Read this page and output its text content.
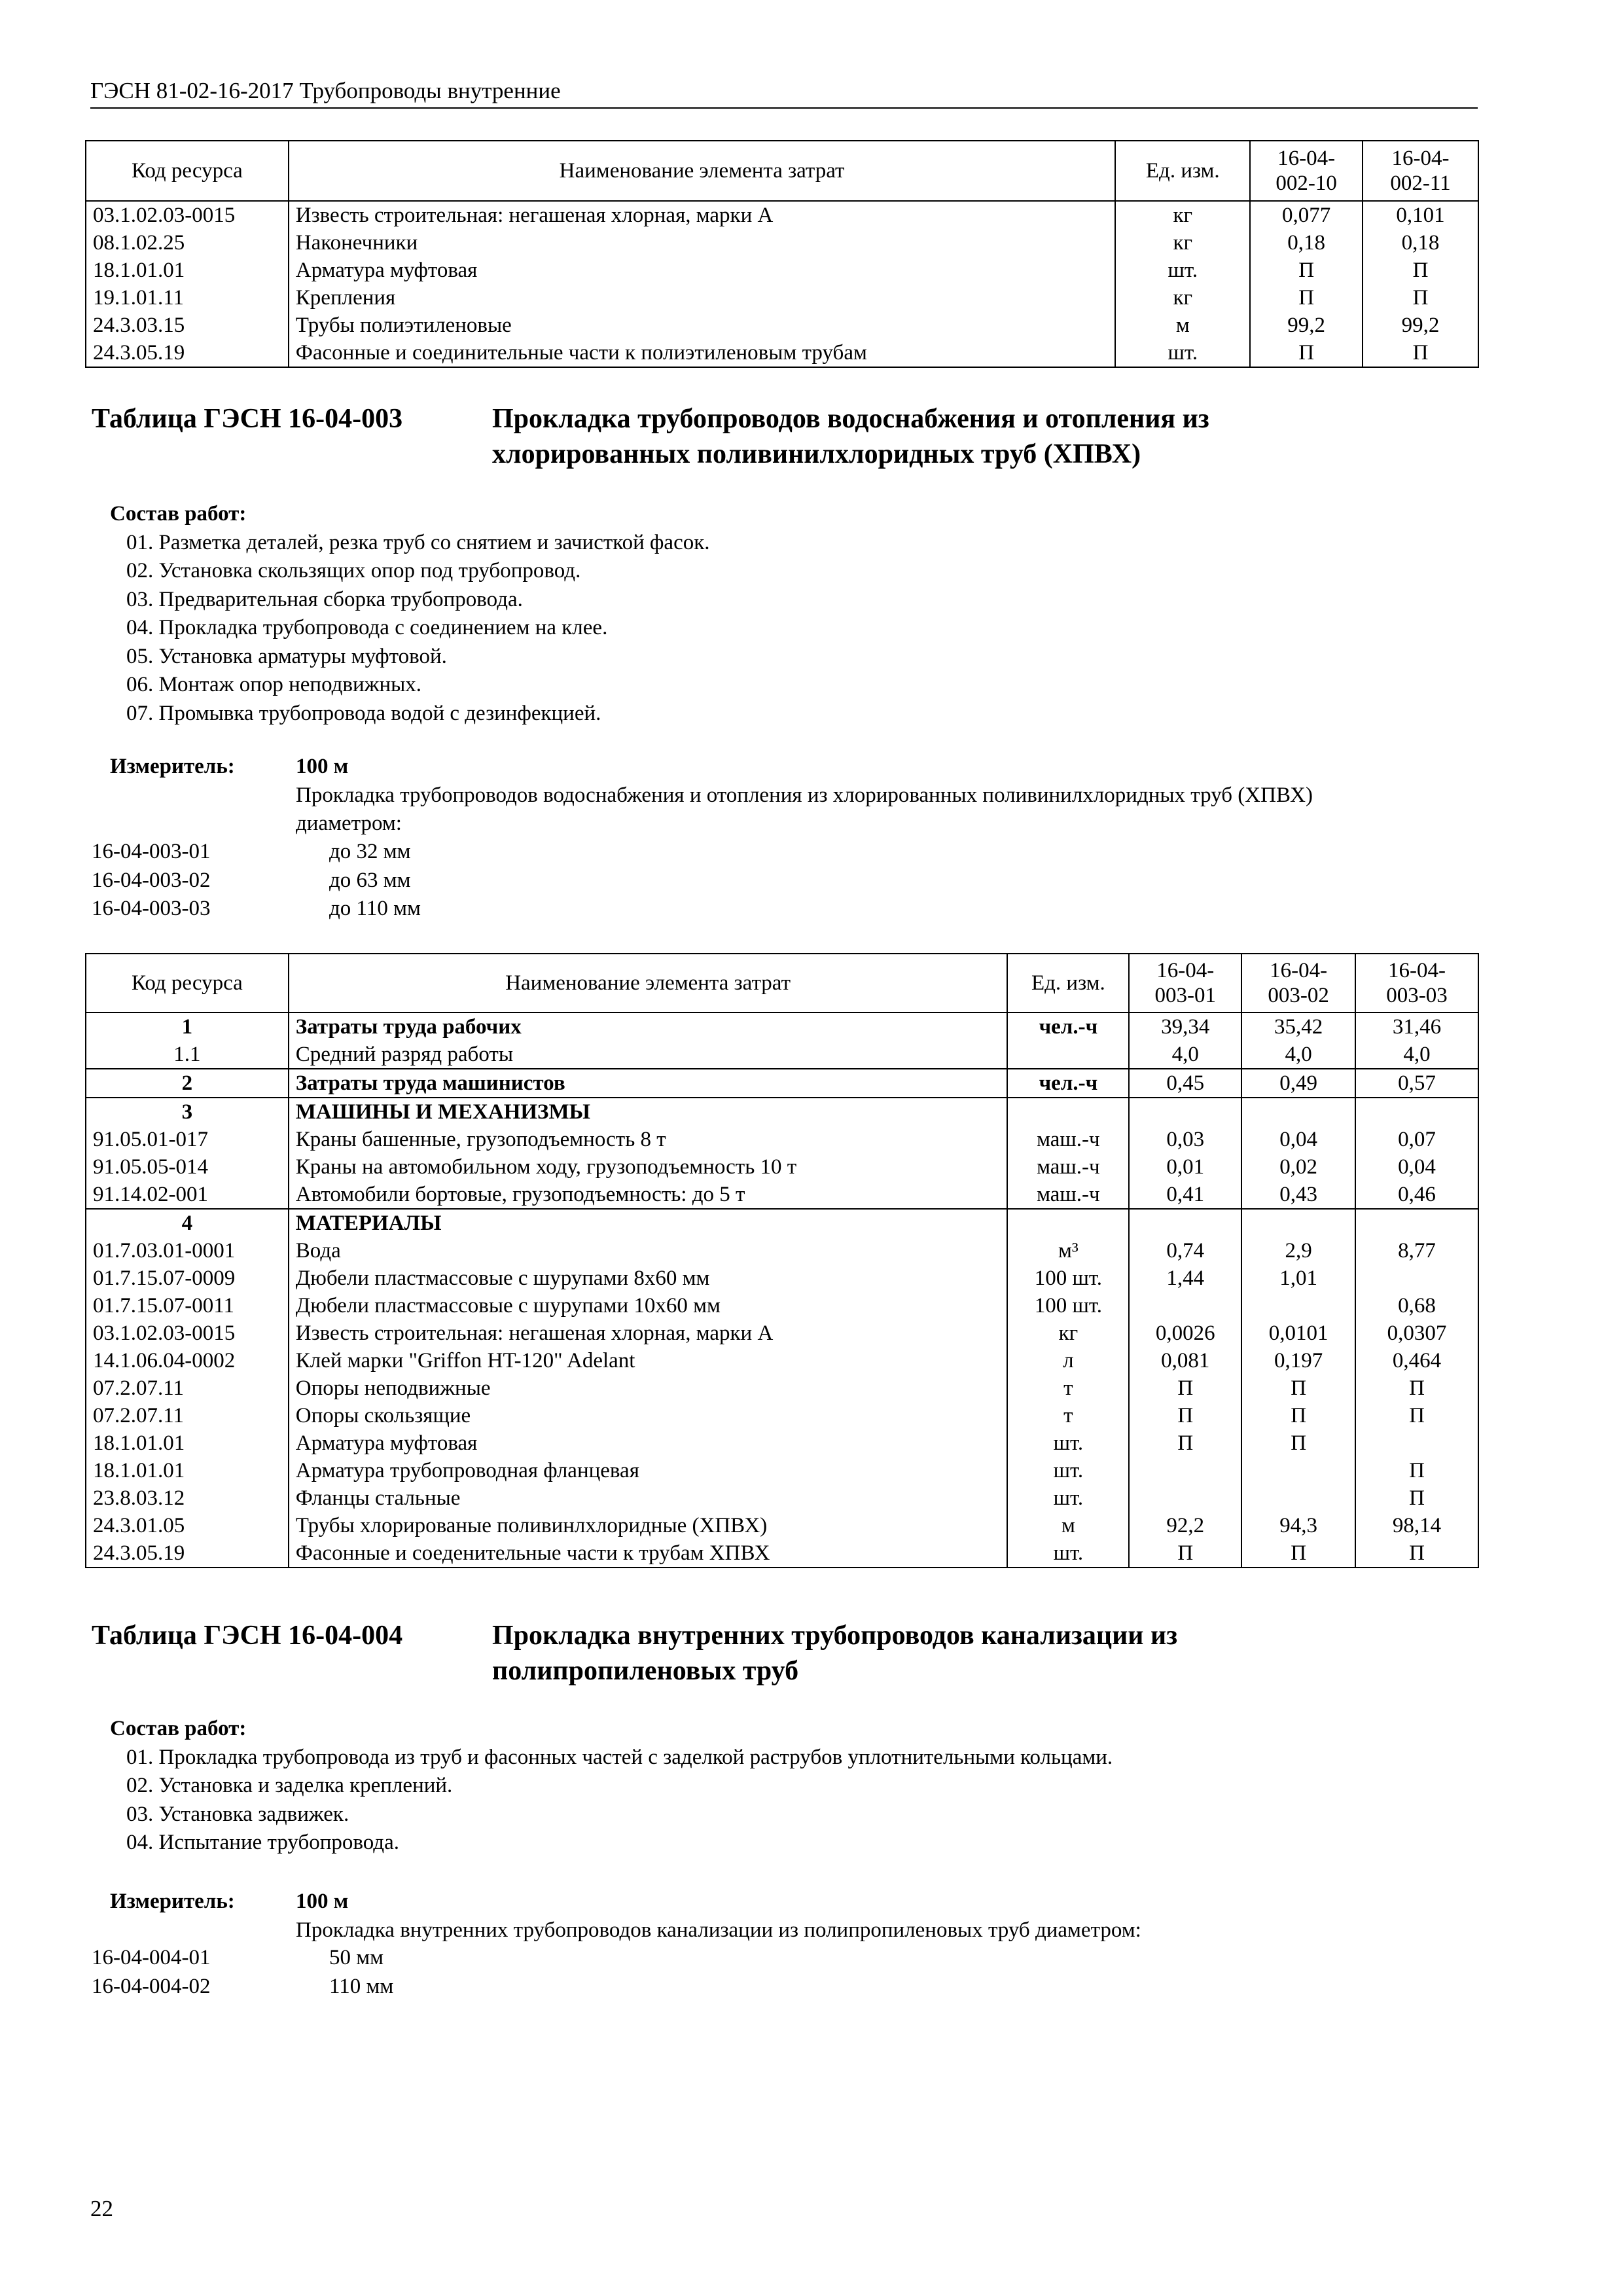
ГЭСН 81-02-16-2017 Трубопроводы внутренние
Код ресурса	Наименование элемента затрат	Ед. изм.	16-04-
002-10	16-04-
002-11
03.1.02.03-0015	Известь строительная: негашеная хлорная, марки А	кг	0,077	0,101
08.1.02.25	Наконечники	кг	0,18	0,18
18.1.01.01	Арматура муфтовая	шт.	П	П
19.1.01.11	Крепления	кг	П	П
24.3.03.15	Трубы полиэтиленовые	м	99,2	99,2
24.3.05.19	Фасонные и соединительные части к полиэтиленовым трубам	шт.	П	П
Таблица ГЭСН 16-04-003	Прокладка трубопроводов водоснабжения и отопления из
хлорированных поливинилхлоридных труб (ХПВХ)
Состав работ:
01. Разметка деталей, резка труб со снятием и зачисткой фасок.
02. Установка скользящих опор под трубопровод.
03. Предварительная сборка трубопровода.
04. Прокладка трубопровода с соединением на клее.
05. Установка арматуры муфтовой.
06. Монтаж опор неподвижных.
07. Промывка трубопровода водой с дезинфекцией.
Измеритель:	100 м
Прокладка трубопроводов водоснабжения и отопления из хлорированных поливинилхлоридных труб (ХПВХ)
диаметром:
16-04-003-01	до 32 мм
16-04-003-02	до 63 мм
16-04-003-03	до 110 мм
Код ресурса	Наименование элемента затрат	Ед. изм.	16-04-
003-01	16-04-
003-02	16-04-
003-03
1	Затраты труда рабочих	чел.-ч	39,34	35,42	31,46
1.1	Средний разряд работы		4,0	4,0	4,0
2	Затраты труда машинистов	чел.-ч	0,45	0,49	0,57
3	МАШИНЫ И МЕХАНИЗМЫ				
91.05.01-017	Краны башенные, грузоподъемность 8 т	маш.-ч	0,03	0,04	0,07
91.05.05-014	Краны на автомобильном ходу, грузоподъемность 10 т	маш.-ч	0,01	0,02	0,04
91.14.02-001	Автомобили бортовые, грузоподъемность: до 5 т	маш.-ч	0,41	0,43	0,46
4	МАТЕРИАЛЫ				
01.7.03.01-0001	Вода	м³	0,74	2,9	8,77
01.7.15.07-0009	Дюбели пластмассовые с шурупами 8х60 мм	100 шт.	1,44	1,01	
01.7.15.07-0011	Дюбели пластмассовые с шурупами 10х60 мм	100 шт.			0,68
03.1.02.03-0015	Известь строительная: негашеная хлорная, марки А	кг	0,0026	0,0101	0,0307
14.1.06.04-0002	Клей марки "Griffon HT-120" Adelant	л	0,081	0,197	0,464
07.2.07.11	Опоры неподвижные	т	П	П	П
07.2.07.11	Опоры скользящие	т	П	П	П
18.1.01.01	Арматура муфтовая	шт.	П	П	
18.1.01.01	Арматура трубопроводная фланцевая	шт.			П
23.8.03.12	Фланцы стальные	шт.			П
24.3.01.05	Трубы хлорированые поливинлхлоридные (ХПВХ)	м	92,2	94,3	98,14
24.3.05.19	Фасонные и соеденительные части к трубам ХПВХ	шт.	П	П	П
Таблица ГЭСН 16-04-004	Прокладка внутренних трубопроводов канализации из
полипропиленовых труб
Состав работ:
01. Прокладка трубопровода из труб и фасонных частей с заделкой раструбов уплотнительными кольцами.
02. Установка и заделка креплений.
03. Установка задвижек.
04. Испытание трубопровода.
Измеритель:	100 м
Прокладка внутренних трубопроводов канализации из полипропиленовых труб диаметром:
16-04-004-01	50 мм
16-04-004-02	110 мм
22
